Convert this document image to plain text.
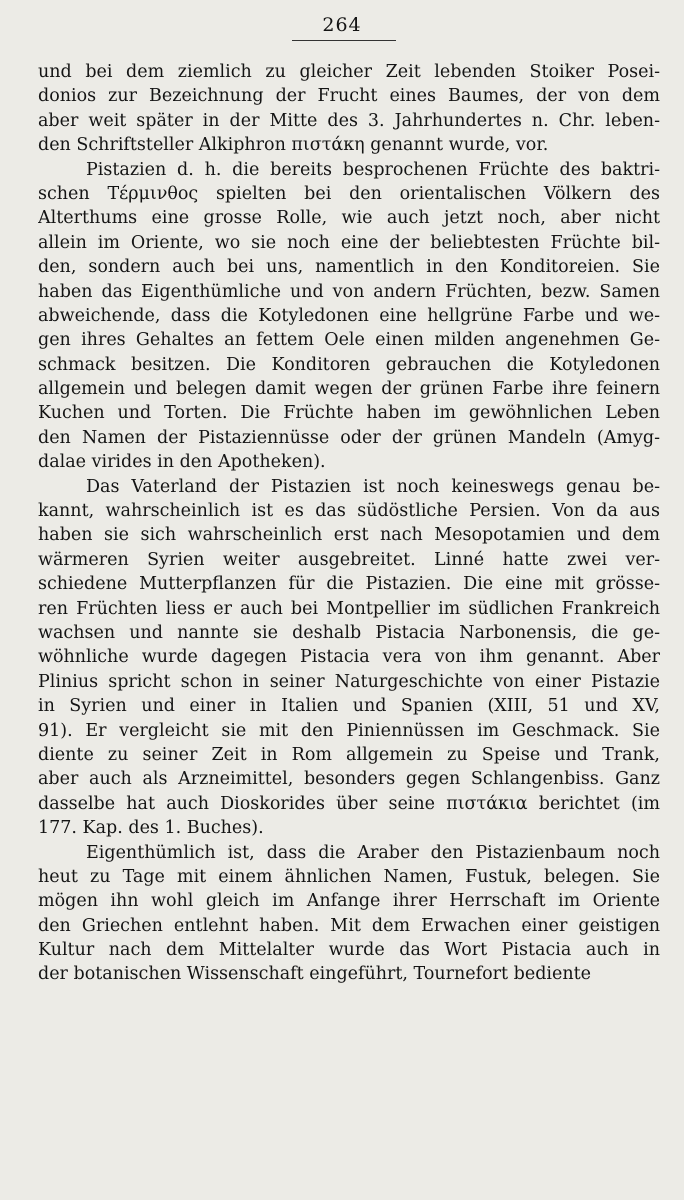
264
und bei dem ziemlich zu gleicher Zeit lebenden Stoiker Posei-
donios zur Bezeichnung der Frucht eines Baumes, der von dem
aber weit später in der Mitte des 3. Jahrhundertes n. Chr. leben-
den Schriftsteller Alkiphron πιστάκη genannt wurde, vor.
Pistazien d. h. die bereits besprochenen Früchte des baktri-
schen Τέρμινθος spielten bei den orientalischen Völkern des
Alterthums eine grosse Rolle, wie auch jetzt noch, aber nicht
allein im Oriente, wo sie noch eine der beliebtesten Früchte bil-
den, sondern auch bei uns, namentlich in den Konditoreien. Sie
haben das Eigenthümliche und von andern Früchten, bezw. Samen
abweichende, dass die Kotyledonen eine hellgrüne Farbe und we-
gen ihres Gehaltes an fettem Oele einen milden angenehmen Ge-
schmack besitzen. Die Konditoren gebrauchen die Kotyledonen
allgemein und belegen damit wegen der grünen Farbe ihre feinern
Kuchen und Torten. Die Früchte haben im gewöhnlichen Leben
den Namen der Pistaziennüsse oder der grünen Mandeln (Amyg-
dalae virides in den Apotheken).
Das Vaterland der Pistazien ist noch keineswegs genau be-
kannt, wahrscheinlich ist es das südöstliche Persien. Von da aus
haben sie sich wahrscheinlich erst nach Mesopotamien und dem
wärmeren Syrien weiter ausgebreitet. Linné hatte zwei ver-
schiedene Mutterpflanzen für die Pistazien. Die eine mit grösse-
ren Früchten liess er auch bei Montpellier im südlichen Frankreich
wachsen und nannte sie deshalb Pistacia Narbonensis, die ge-
wöhnliche wurde dagegen Pistacia vera von ihm genannt. Aber
Plinius spricht schon in seiner Naturgeschichte von einer Pistazie
in Syrien und einer in Italien und Spanien (XIII, 51 und XV,
91). Er vergleicht sie mit den Piniennüssen im Geschmack. Sie
diente zu seiner Zeit in Rom allgemein zu Speise und Trank,
aber auch als Arzneimittel, besonders gegen Schlangenbiss. Ganz
dasselbe hat auch Dioskorides über seine πιστάκια berichtet (im
177. Kap. des 1. Buches).
Eigenthümlich ist, dass die Araber den Pistazienbaum noch
heut zu Tage mit einem ähnlichen Namen, Fustuk, belegen. Sie
mögen ihn wohl gleich im Anfange ihrer Herrschaft im Oriente
den Griechen entlehnt haben. Mit dem Erwachen einer geistigen
Kultur nach dem Mittelalter wurde das Wort Pistacia auch in
der botanischen Wissenschaft eingeführt, Tournefort bediente
